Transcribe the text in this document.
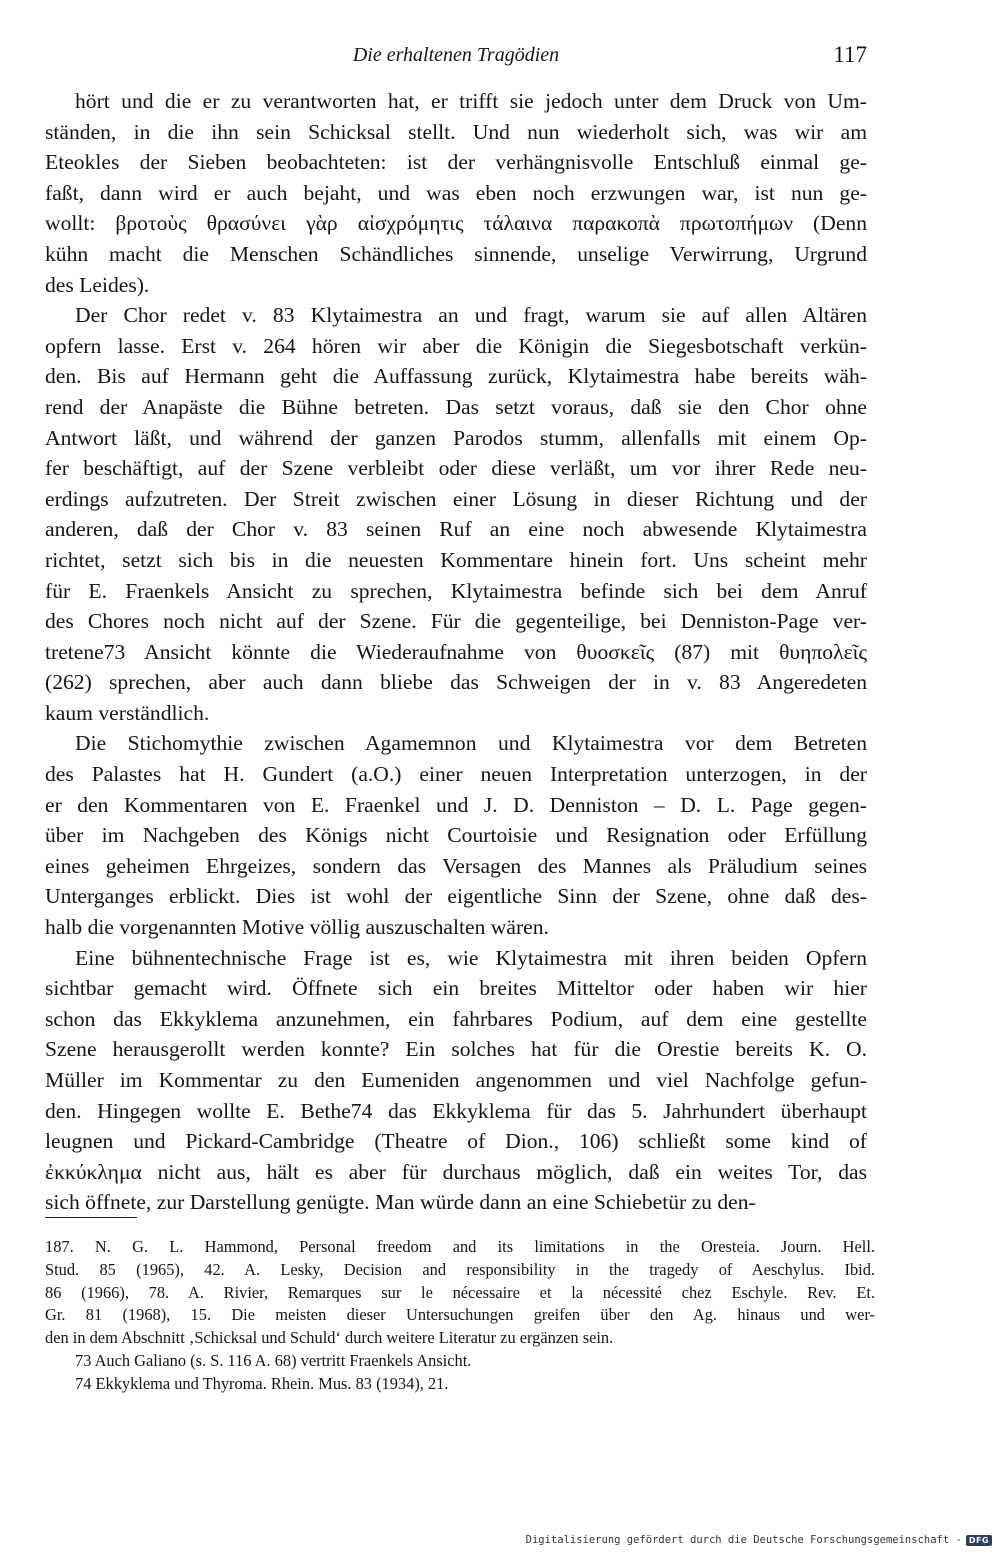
Die erhaltenen Tragödien	117
hört und die er zu verantworten hat, er trifft sie jedoch unter dem Druck von Um-
ständen, in die ihn sein Schicksal stellt. Und nun wiederholt sich, was wir am
Eteokles der Sieben beobachteten: ist der verhängnisvolle Entschluß einmal ge-
faßt, dann wird er auch bejaht, und was eben noch erzwungen war, ist nun ge-
wollt: βροτοὺς θρασύνει γὰρ αἰσχρόμητις τάλαινα παρακοπὰ πρωτοπήμων (Denn
kühn macht die Menschen Schändliches sinnende, unselige Verwirrung, Urgrund
des Leides).
Der Chor redet v. 83 Klytaimestra an und fragt, warum sie auf allen Altären
opfern lasse. Erst v. 264 hören wir aber die Königin die Siegesbotschaft verkün-
den. Bis auf Hermann geht die Auffassung zurück, Klytaimestra habe bereits wäh-
rend der Anapäste die Bühne betreten. Das setzt voraus, daß sie den Chor ohne
Antwort läßt, und während der ganzen Parodos stumm, allenfalls mit einem Op-
fer beschäftigt, auf der Szene verbleibt oder diese verläßt, um vor ihrer Rede neu-
erdings aufzutreten. Der Streit zwischen einer Lösung in dieser Richtung und der
anderen, daß der Chor v. 83 seinen Ruf an eine noch abwesende Klytaimestra
richtet, setzt sich bis in die neuesten Kommentare hinein fort. Uns scheint mehr
für E. Fraenkels Ansicht zu sprechen, Klytaimestra befinde sich bei dem Anruf
des Chores noch nicht auf der Szene. Für die gegenteilige, bei Denniston-Page ver-
tretene73 Ansicht könnte die Wiederaufnahme von θυοσκεῖς (87) mit θυηπολεῖς
(262) sprechen, aber auch dann bliebe das Schweigen der in v. 83 Angeredeten
kaum verständlich.
Die Stichomythie zwischen Agamemnon und Klytaimestra vor dem Betreten
des Palastes hat H. Gundert (a.O.) einer neuen Interpretation unterzogen, in der
er den Kommentaren von E. Fraenkel und J. D. Denniston – D. L. Page gegen-
über im Nachgeben des Königs nicht Courtoisie und Resignation oder Erfüllung
eines geheimen Ehrgeizes, sondern das Versagen des Mannes als Präludium seines
Unterganges erblickt. Dies ist wohl der eigentliche Sinn der Szene, ohne daß des-
halb die vorgenannten Motive völlig auszuschalten wären.
Eine bühnentechnische Frage ist es, wie Klytaimestra mit ihren beiden Opfern
sichtbar gemacht wird. Öffnete sich ein breites Mitteltor oder haben wir hier
schon das Ekkyklema anzunehmen, ein fahrbares Podium, auf dem eine gestellte
Szene herausgerollt werden konnte? Ein solches hat für die Orestie bereits K. O.
Müller im Kommentar zu den Eumeniden angenommen und viel Nachfolge gefun-
den. Hingegen wollte E. Bethe74 das Ekkyklema für das 5. Jahrhundert überhaupt
leugnen und Pickard-Cambridge (Theatre of Dion., 106) schließt some kind of
ἐκκύκλημα nicht aus, hält es aber für durchaus möglich, daß ein weites Tor, das
sich öffnete, zur Darstellung genügte. Man würde dann an eine Schiebetür zu den-
187. N. G. L. Hammond, Personal freedom and its limitations in the Oresteia. Journ. Hell.
Stud. 85 (1965), 42. A. Lesky, Decision and responsibility in the tragedy of Aeschylus. Ibid.
86 (1966), 78. A. Rivier, Remarques sur le nécessaire et la nécessité chez Eschyle. Rev. Et.
Gr. 81 (1968), 15. Die meisten dieser Untersuchungen greifen über den Ag. hinaus und wer-
den in dem Abschnitt ‚Schicksal und Schuld‘ durch weitere Literatur zu ergänzen sein.
73 Auch Galiano (s. S. 116 A. 68) vertritt Fraenkels Ansicht.
74 Ekkyklema und Thyroma. Rhein. Mus. 83 (1934), 21.
Digitalisierung gefördert durch die Deutsche Forschungsgemeinschaft - DFG
